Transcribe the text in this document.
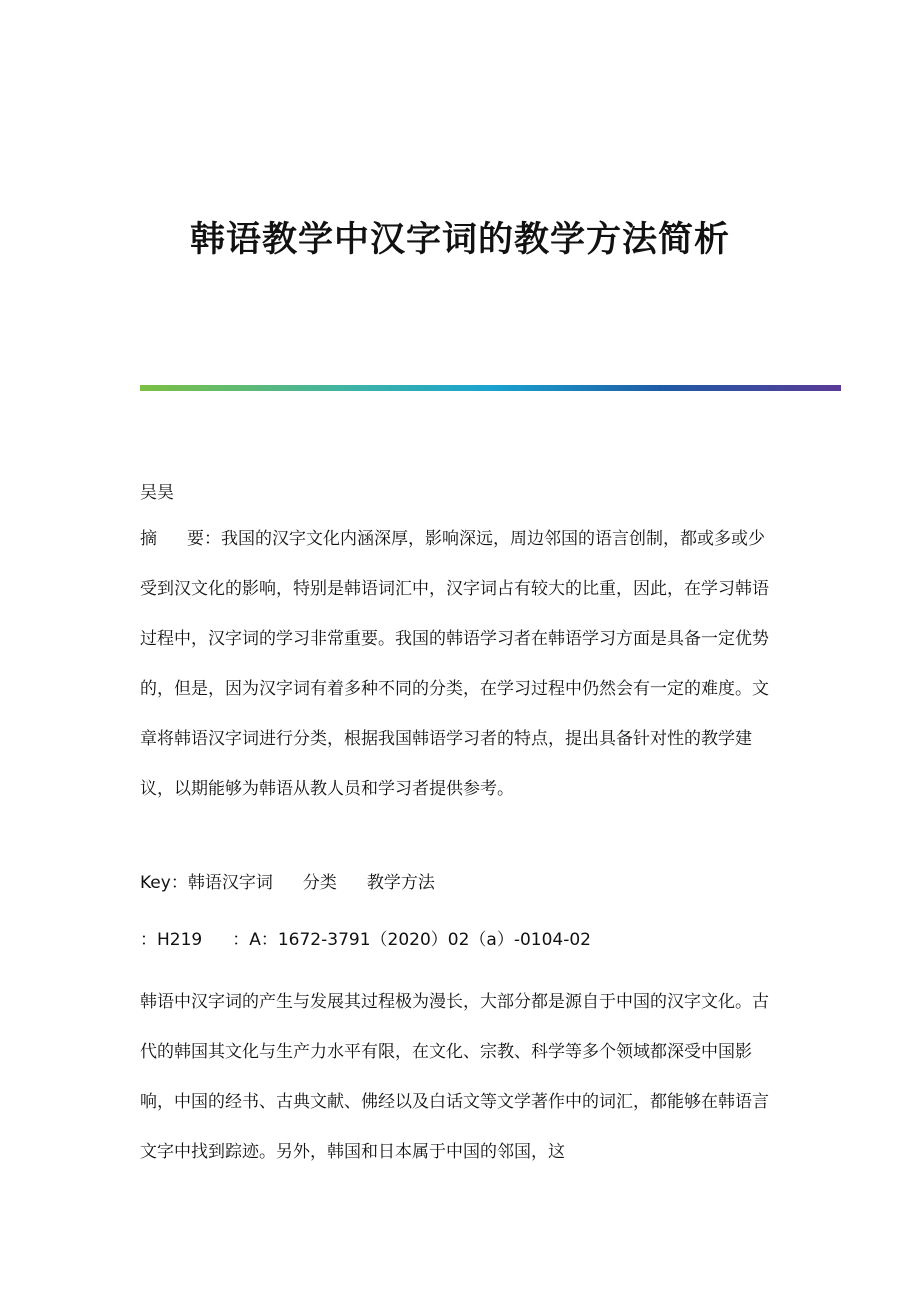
韩语教学中汉字词的教学方法简析
吴昊
摘 要：我国的汉字文化内涵深厚，影响深远，周边邻国的语言创制，都或多或少受到汉文化的影响，特别是韩语词汇中，汉字词占有较大的比重，因此，在学习韩语过程中，汉字词的学习非常重要。我国的韩语学习者在韩语学习方面是具备一定优势的，但是，因为汉字词有着多种不同的分类，在学习过程中仍然会有一定的难度。文章将韩语汉字词进行分类，根据我国韩语学习者的特点，提出具备针对性的教学建议，以期能够为韩语从教人员和学习者提供参考。
Key：韩语汉字词 分类 教学方法
：H219 ：A：1672-3791（2020）02（a）-0104-02
韩语中汉字词的产生与发展其过程极为漫长，大部分都是源自于中国的汉字文化。古代的韩国其文化与生产力水平有限，在文化、宗教、科学等多个领域都深受中国影响，中国的经书、古典文献、佛经以及白话文等文学著作中的词汇，都能够在韩语言文字中找到踪迹。另外，韩国和日本属于中国的邻国，这
